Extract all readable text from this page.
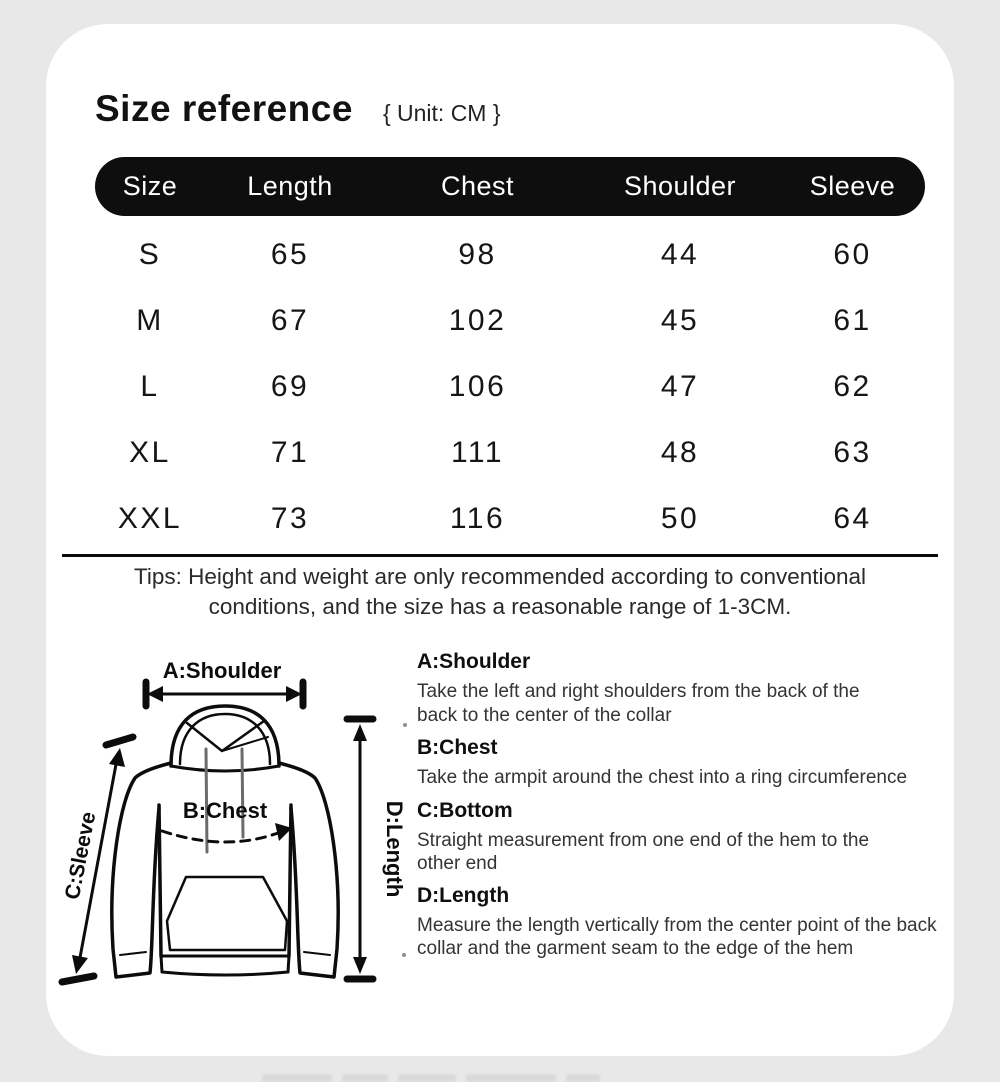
Size reference { Unit: CM }
Size	Length	Chest	Shoulder	Sleeve
S	65	98	44	60
M	67	102	45	61
L	69	106	47	62
XL	71	111	48	63
XXL	73	116	50	64
Tips: Height and weight are only recommended according to conventional
conditions, and the size has a reasonable range of 1-3CM.
A:Shoulder
B:Chest
C:Sleeve	D:Length
A:Shoulder

Take the left and right shoulders from the back of the back to the center of the collar

B:Chest

Take the armpit around the chest into a ring circumference

C:Bottom

Straight measurement from one end of the hem to the other end

D:Length

Measure the length vertically from the center point of the back collar and the garment seam to the edge of the hem
